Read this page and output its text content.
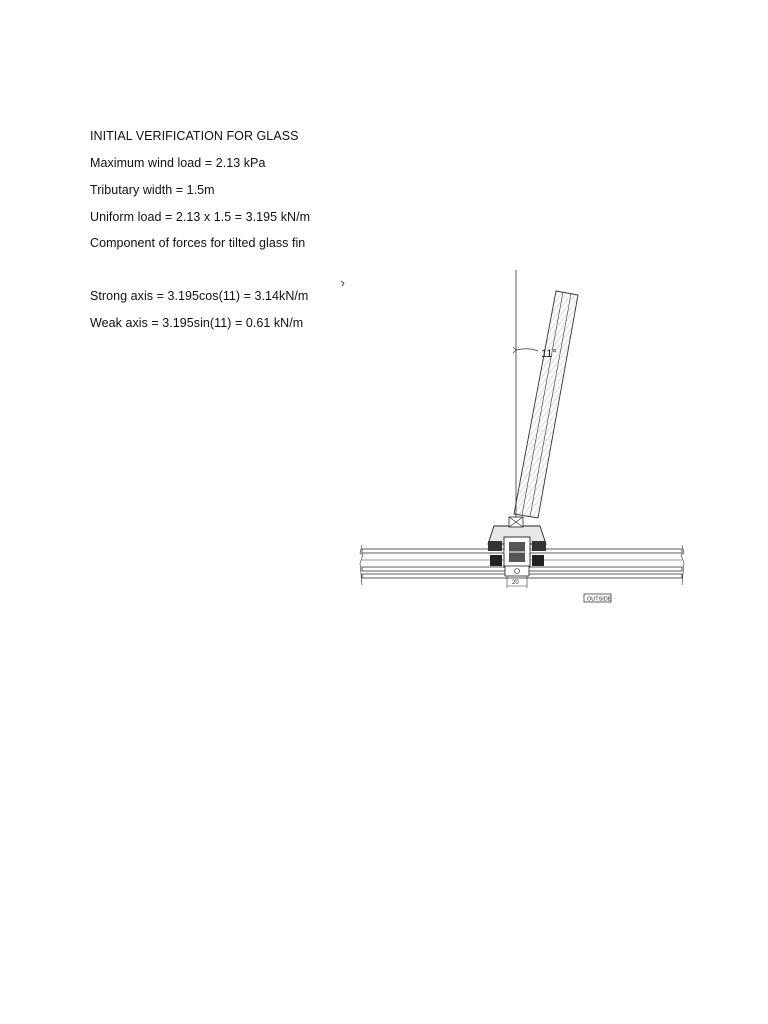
INITIAL VERIFICATION FOR GLASS
Maximum wind load = 2.13 kPa
Tributary width = 1.5m
Uniform load = 2.13 x 1.5 = 3.195 kN/m
Component of forces for tilted glass fin
Strong axis = 3.195cos(11) = 3.14kN/m
Weak axis = 3.195sin(11) = 0.61 kN/m
11°
20
OUTSIDE
